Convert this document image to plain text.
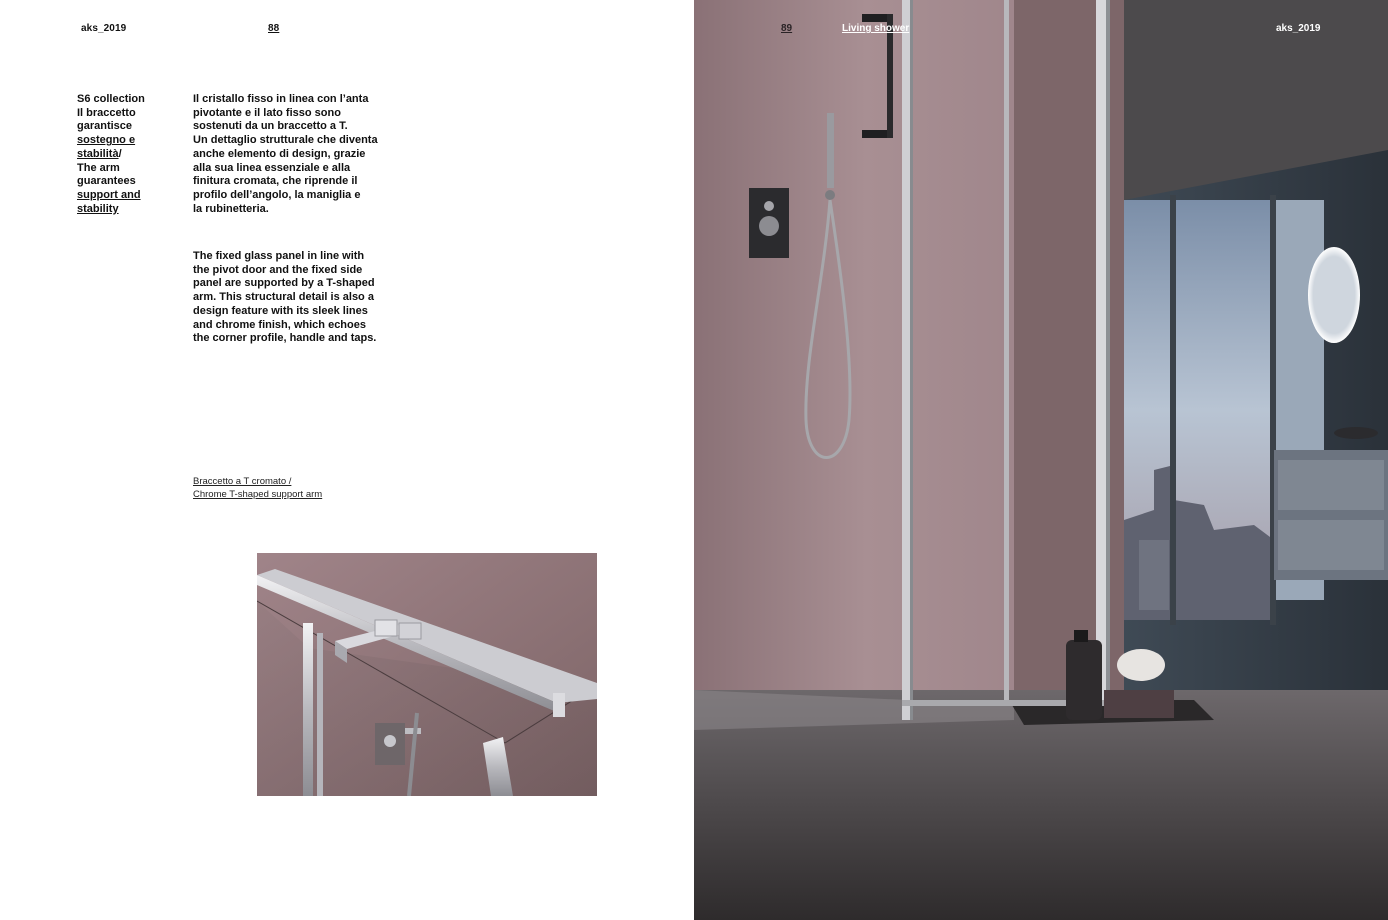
aks_2019	88
S6 collection
Il braccetto
garantisce
sostegno e
stabilità/
The arm
guarantees
support and
stability
Il cristallo fisso in linea con l’anta
pivotante e il lato fisso sono
sostenuti da un braccetto a T.
Un dettaglio strutturale che diventa
anche elemento di design, grazie
alla sua linea essenziale e alla
finitura cromata, che riprende il
profilo dell’angolo, la maniglia e
la rubinetteria.
The fixed glass panel in line with
the pivot door and the fixed side
panel are supported by a T-shaped
arm. This structural detail is also a
design feature with its sleek lines
and chrome finish, which echoes
the corner profile, handle and taps.
Braccetto a T cromato /
Chrome T-shaped support arm
89	Living shower	aks_2019
